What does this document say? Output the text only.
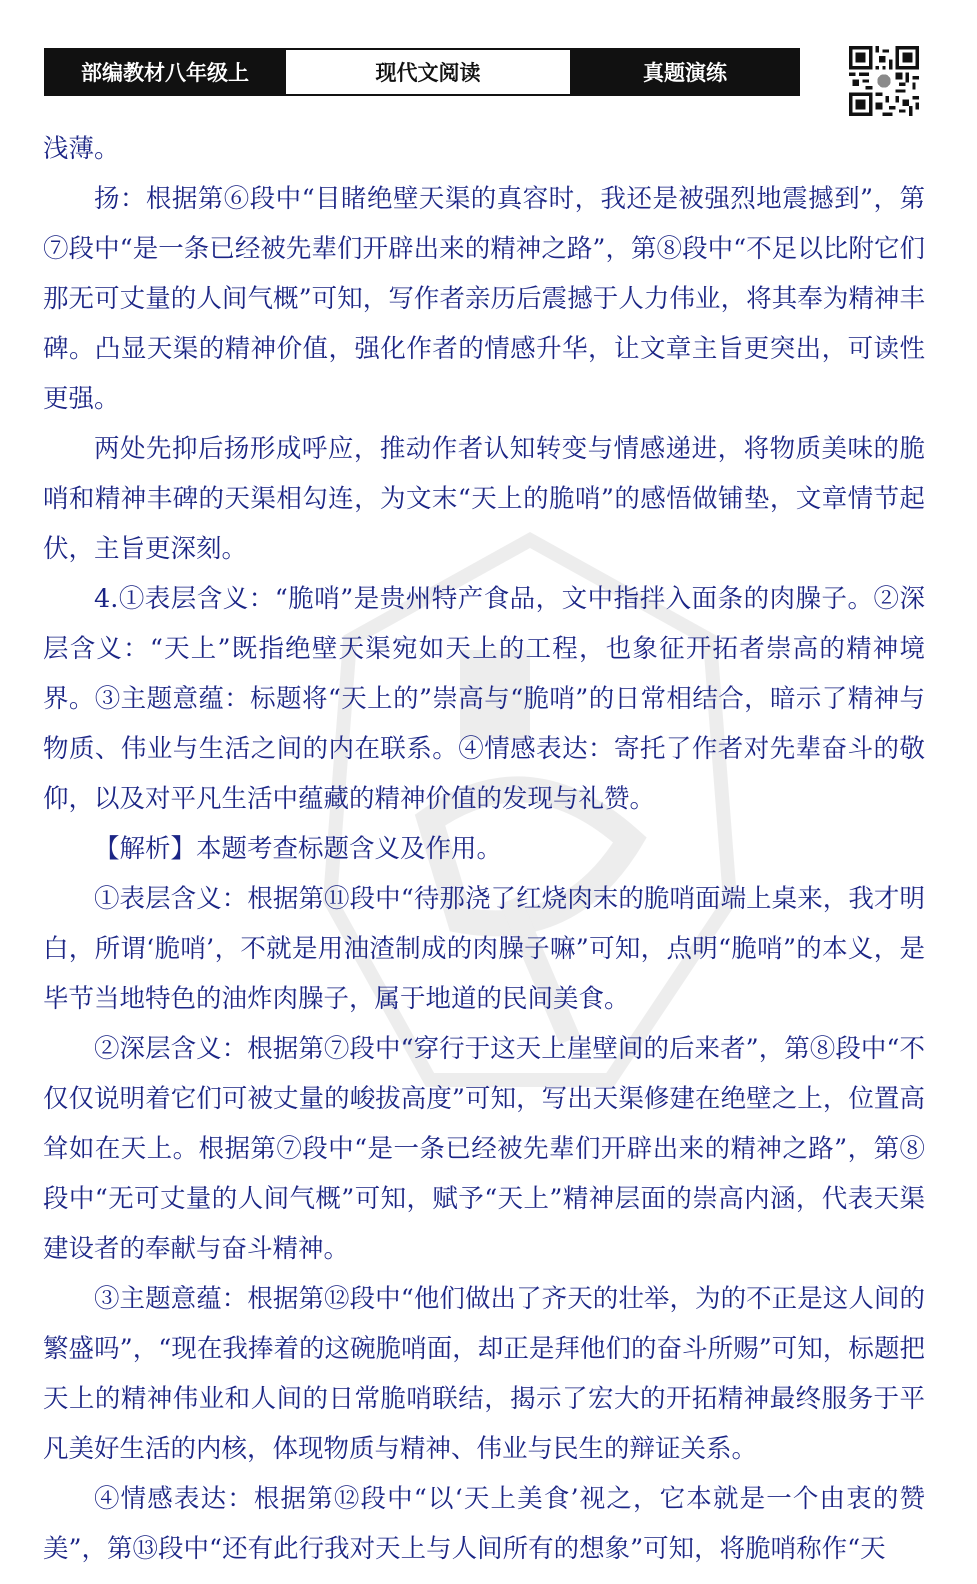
部编教材八年级上	现代文阅读	真题演练

浅薄。

扬：根据第⑥段中“目睹绝壁天渠的真容时，我还是被强烈地震撼到”，第⑦段中“是一条已经被先辈们开辟出来的精神之路”，第⑧段中“不足以比附它们那无可丈量的人间气概”可知，写作者亲历后震撼于人力伟业，将其奉为精神丰碑。凸显天渠的精神价值，强化作者的情感升华，让文章主旨更突出，可读性更强。

两处先抑后扬形成呼应，推动作者认知转变与情感递进，将物质美味的脆哨和精神丰碑的天渠相勾连，为文末“天上的脆哨”的感悟做铺垫，文章情节起伏，主旨更深刻。

4.①表层含义：“脆哨”是贵州特产食品，文中指拌入面条的肉臊子。②深层含义：“天上”既指绝壁天渠宛如天上的工程，也象征开拓者崇高的精神境界。③主题意蕴：标题将“天上的”崇高与“脆哨”的日常相结合，暗示了精神与物质、伟业与生活之间的内在联系。④情感表达：寄托了作者对先辈奋斗的敬仰，以及对平凡生活中蕴藏的精神价值的发现与礼赞。

【解析】本题考查标题含义及作用。

①表层含义：根据第⑪段中“待那浇了红烧肉末的脆哨面端上桌来，我才明白，所谓‘脆哨’，不就是用油渣制成的肉臊子嘛”可知，点明“脆哨”的本义，是毕节当地特色的油炸肉臊子，属于地道的民间美食。

②深层含义：根据第⑦段中“穿行于这天上崖壁间的后来者”，第⑧段中“不仅仅说明着它们可被丈量的峻拔高度”可知，写出天渠修建在绝壁之上，位置高耸如在天上。根据第⑦段中“是一条已经被先辈们开辟出来的精神之路”，第⑧段中“无可丈量的人间气概”可知，赋予“天上”精神层面的崇高内涵，代表天渠建设者的奉献与奋斗精神。

③主题意蕴：根据第⑫段中“他们做出了齐天的壮举，为的不正是这人间的繁盛吗”，“现在我捧着的这碗脆哨面，却正是拜他们的奋斗所赐”可知，标题把天上的精神伟业和人间的日常脆哨联结，揭示了宏大的开拓精神最终服务于平凡美好生活的内核，体现物质与精神、伟业与民生的辩证关系。

④情感表达：根据第⑫段中“以‘天上美食’视之，它本就是一个由衷的赞美”，第⑬段中“还有此行我对天上与人间所有的想象”可知，将脆哨称作“天
